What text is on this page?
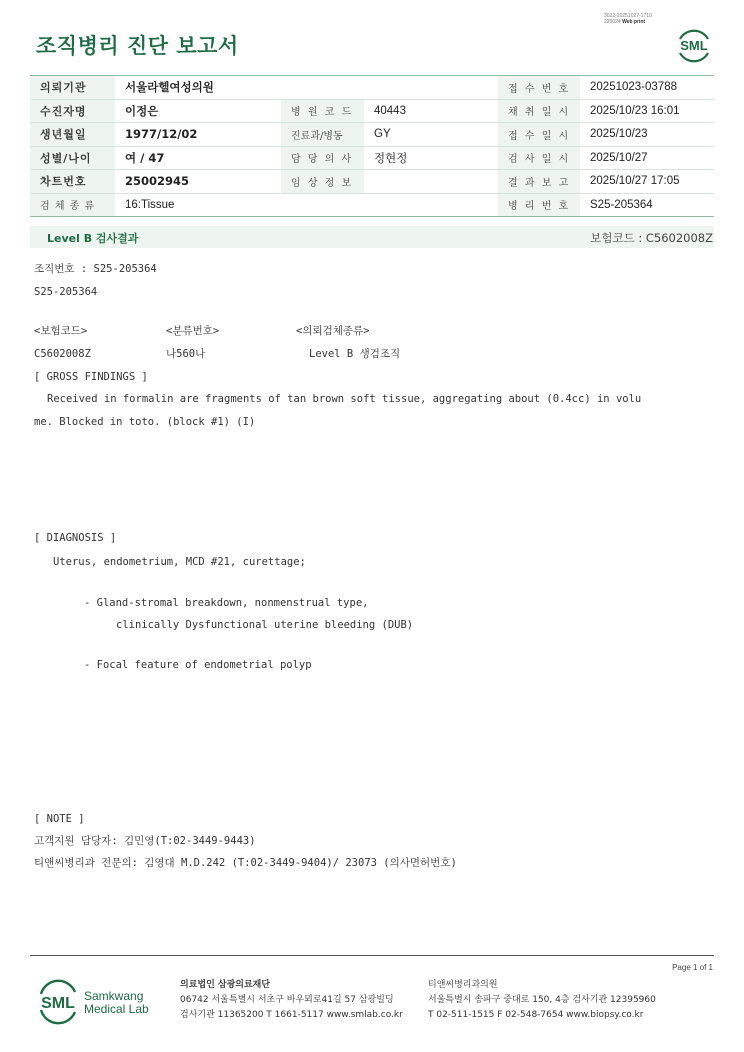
조직병리 진단 보고서
3022-20251027-1710
220024 Web print
SML
의뢰기관	서울라헬여성의원			접 수 번 호	20251023-03788
수진자명	이정은	병 원 코 드	40443	채 취 일 시	2025/10/23 16:01
생년월일	1977/12/02	진료과/병동	GY	접 수 일 시	2025/10/23
성별/나이	여 / 47	담 당 의 사	정현정	검 사 일 시	2025/10/27
차트번호	25002945	임 상 정 보		결 과 보 고	2025/10/27 17:05
검 체 종 류	16:Tissue			병 리 번 호	S25-205364
Level B 검사결과	보험코드 : C5602008Z
조직번호 : S25-205364
S25-205364
<보험코드>	<분류번호>	<의뢰검체종류>
C5602008Z	나560나	Level B 생검조직
[ GROSS FINDINGS ]
Received in formalin are fragments of tan brown soft tissue, aggregating about (0.4cc) in volu
me. Blocked in toto. (block #1) (I)
[ DIAGNOSIS ]
Uterus, endometrium, MCD #21, curettage;
- Gland-stromal breakdown, nonmenstrual type,
clinically Dysfunctional uterine bleeding (DUB)
- Focal feature of endometrial polyp
[ NOTE ]
고객지원 담당자: 김민영(T:02-3449-9443)
티앤씨병리과 전문의: 김영대 M.D.242 (T:02-3449-9404)/ 23073 (의사면허번호)
Page 1 of 1
SML Samkwang
Medical Lab
의료법인 삼광의료재단
06742 서울특별시 서초구 바우뫼로41길 57 삼광빌딩
검사기관 11365200 T 1661-5117 www.smlab.co.kr
티앤씨병리과의원
서울특별시 송파구 중대로 150, 4층 검사기관 12395960
T 02-511-1515 F 02-548-7654 www.biopsy.co.kr
